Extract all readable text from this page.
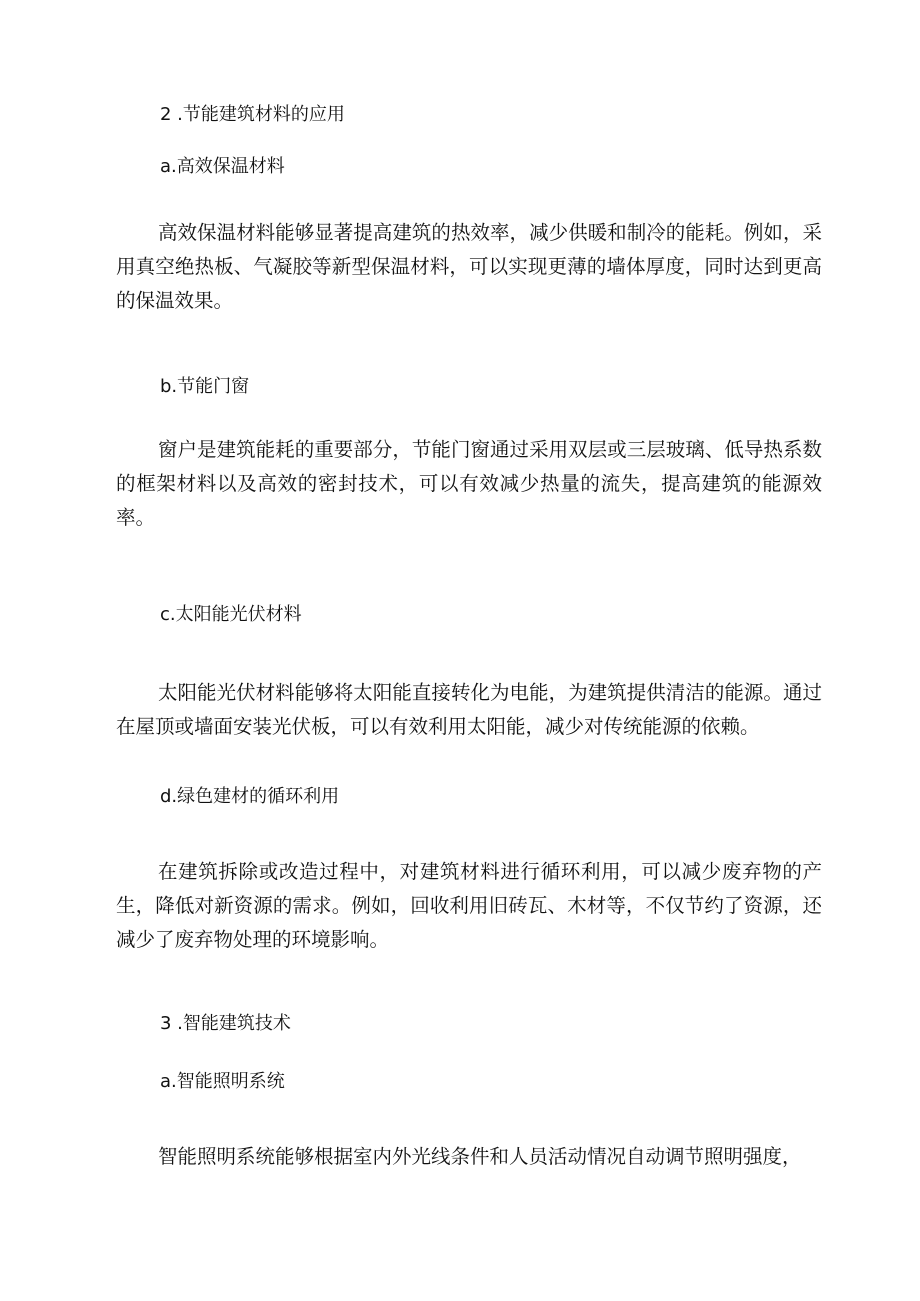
2 .节能建筑材料的应用
a.高效保温材料

高效保温材料能够显著提高建筑的热效率，减少供暖和制冷的能耗。例如，采用真空绝热板、气凝胶等新型保温材料，可以实现更薄的墙体厚度，同时达到更高的保温效果。

b.节能门窗

窗户是建筑能耗的重要部分，节能门窗通过采用双层或三层玻璃、低导热系数的框架材料以及高效的密封技术，可以有效减少热量的流失，提高建筑的能源效率。

c.太阳能光伏材料

太阳能光伏材料能够将太阳能直接转化为电能，为建筑提供清洁的能源。通过在屋顶或墙面安装光伏板，可以有效利用太阳能，减少对传统能源的依赖。

d.绿色建材的循环利用

在建筑拆除或改造过程中，对建筑材料进行循环利用，可以减少废弃物的产生，降低对新资源的需求。例如，回收利用旧砖瓦、木材等，不仅节约了资源，还减少了废弃物处理的环境影响。

3 .智能建筑技术
a.智能照明系统

智能照明系统能够根据室内外光线条件和人员活动情况自动调节照明强度，
